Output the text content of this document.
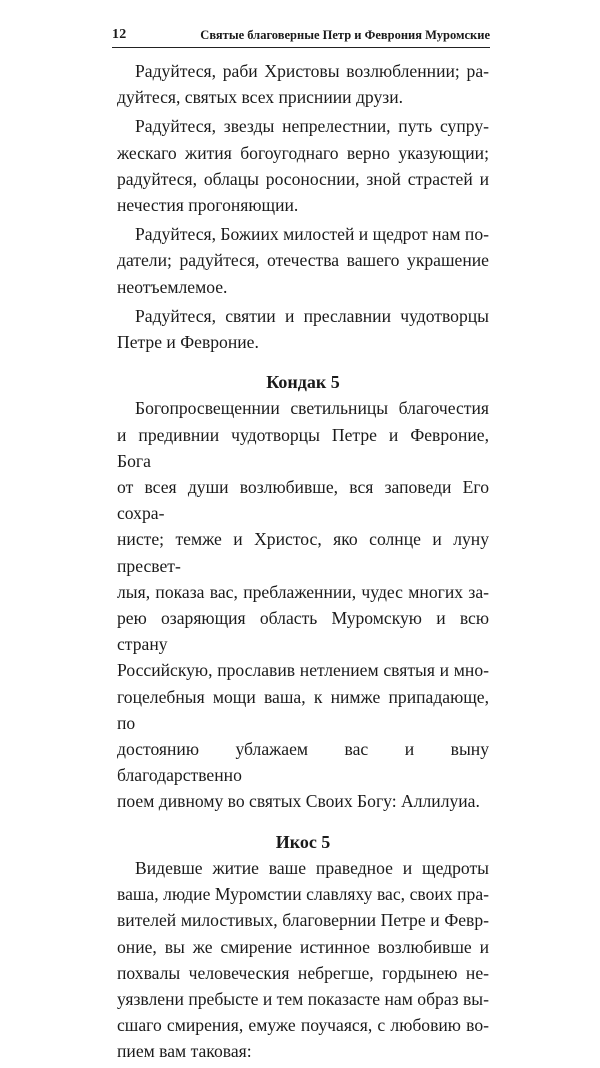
12	Святые благоверные Петр и Феврония Муромские
Радуйтеся, раби Христовы возлюбленнии; ра-
дуйтеся, святых всех присниии друзи.
Радуйтеся, звезды непрелестнии, путь супру-
жескаго жития богоугоднаго верно указующии;
радуйтеся, облацы росоноснии, зной страстей и
нечестия прогоняющии.
Радуйтеся, Божиих милостей и щедрот нам по-
датели; радуйтеся, отечества вашего украшение
неотъемлемое.
Радуйтеся, святии и преславнии чудотворцы
Петре и Февроние.
Кондак 5
Богопросвещеннии светильницы благочестия
и предивнии чудотворцы Петре и Февроние, Бога
от всея души возлюбивше, вся заповеди Его сохра-
нисте; темже и Христос, яко солнце и луну пресвет-
лыя, показа вас, преблаженнии, чудес многих за-
рею озаряющия область Муромскую и всю страну
Российскую, прославив нетлением святыя и мно-
гоцелебныя мощи ваша, к нимже припадающе, по
достоянию ублажаем вас и выну благодарственно
поем дивному во святых Своих Богу: Аллилуиа.
Икос 5
Видевше житие ваше праведное и щедроты
ваша, людие Муромстии славляху вас, своих пра-
вителей милостивых, благовернии Петре и Февр-
оние, вы же смирение истинное возлюбивше и
похвалы человеческия небрегше, гордынею не-
уязвлени пребысте и тем показасте нам образ вы-
сшаго смирения, емуже поучаяся, с любовию во-
пием вам таковая:
